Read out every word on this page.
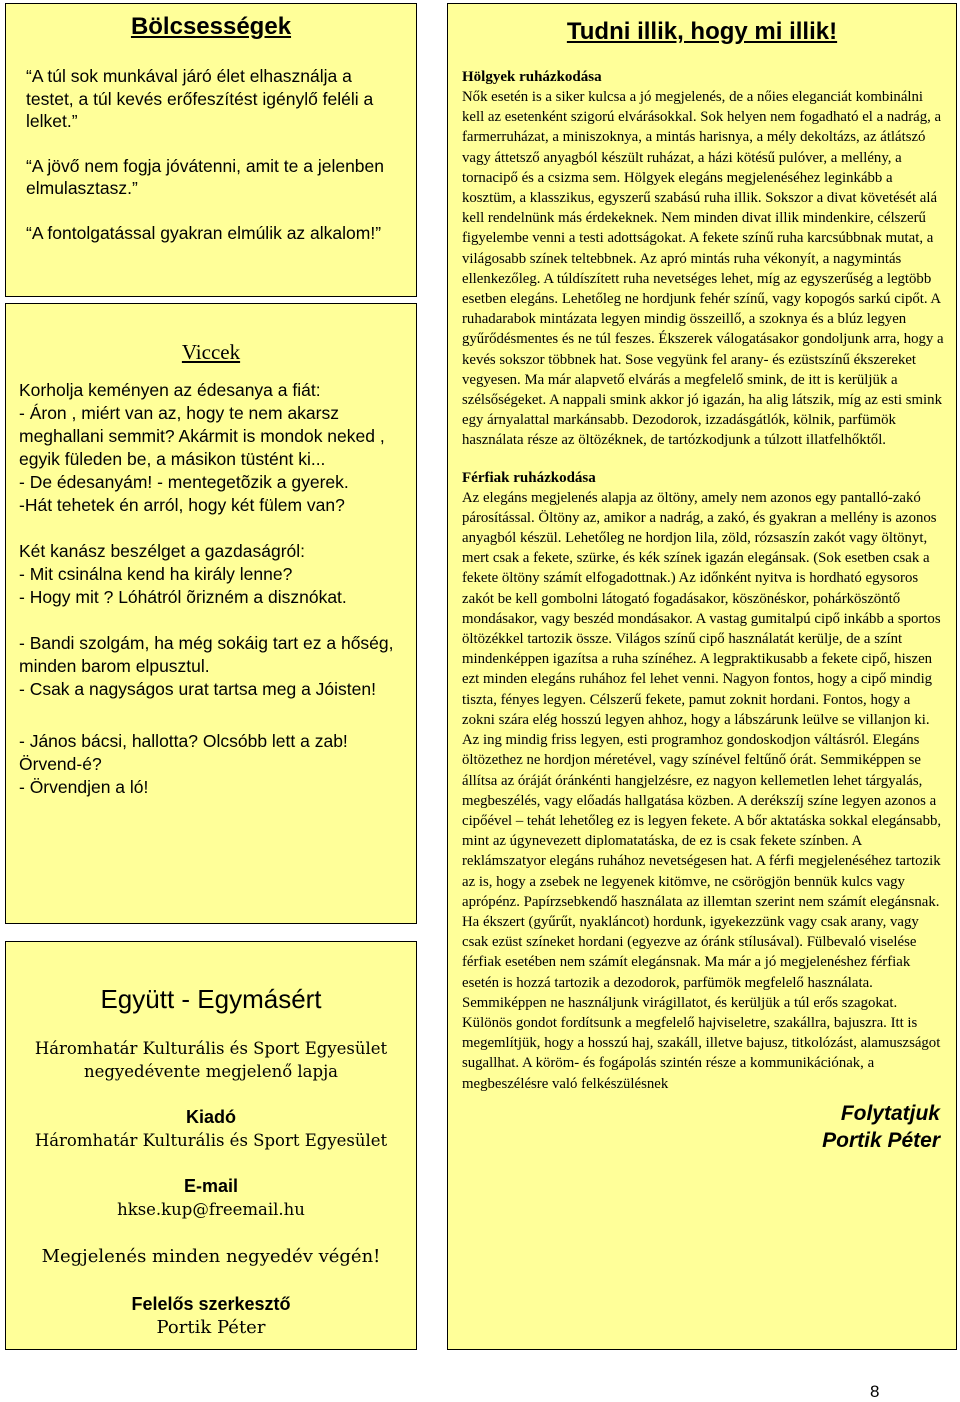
Bölcsességek

“A túl sok munkával járó élet elhasználja a testet, a túl kevés erőfeszítést igénylő feléli a lelket.”

“A jövő nem fogja jóvátenni, amit te a jelenben elmulasztasz.”

“A fontolgatással gyakran elmúlik az alkalom!”

Viccek

Korholja keményen az édesanya a fiát:
- Áron , miért van az, hogy te nem akarsz meghallani semmit? Akármit is mondok neked , egyik füleden be, a másikon tüstént ki...
- De édesanyám! - mentegetõzik a gyerek.
-Hát tehetek én arról, hogy két fülem van?

Két kanász beszélget a gazdaságról:
- Mit csinálna kend ha király lenne?
- Hogy mit ? Lóhátról õrizném a disznókat.

- Bandi szolgám, ha még sokáig tart ez a hőség, minden barom elpusztul.
- Csak a nagyságos urat tartsa meg a Jóisten!

- János bácsi, hallotta? Olcsóbb lett a zab!
Örvend-é?
- Örvendjen a ló!

Együtt - Egymásért

Háromhatár Kulturális és Sport Egyesület

negyedévente megjelenő lapja

Kiadó

Háromhatár Kulturális és Sport Egyesület

E-mail

hkse.kup@freemail.hu

Megjelenés minden negyedév végén!

Felelős szerkesztő

Portik Péter

Tudni illik, hogy mi illik!

Hölgyek ruházkodása

Nők esetén is a siker kulcsa a jó megjelenés, de a nőies eleganciát kombinálni kell az esetenként szigorú elvárásokkal. Sok helyen nem fogadható el a nadrág, a farmerruházat, a miniszoknya, a mintás harisnya, a mély dekoltázs, az átlátszó vagy áttetsző anyagból készült ruházat, a házi kötésű pulóver, a mellény, a tornacipő és a csizma sem. Hölgyek elegáns megjelenéséhez leginkább a kosztüm, a klasszikus, egyszerű szabású ruha illik. Sokszor a divat követését alá kell rendelnünk más érdekeknek. Nem minden divat illik mindenkire, célszerű figyelembe venni a testi adottságokat. A fekete színű ruha karcsúbbnak mutat, a világosabb színek teltebbnek. Az apró mintás ruha vékonyít, a nagymintás ellenkezőleg. A túldíszített ruha nevetséges lehet, míg az egyszerűség a legtöbb esetben elegáns. Lehetőleg ne hordjunk fehér színű, vagy kopogós sarkú cipőt. A ruhadarabok mintázata legyen mindig összeillő, a szoknya és a blúz legyen gyűrődésmentes és ne túl feszes. Ékszerek válogatásakor gondoljunk arra, hogy a kevés sokszor többnek hat. Sose vegyünk fel arany- és ezüstszínű ékszereket vegyesen. Ma már alapvető elvárás a megfelelő smink, de itt is kerüljük a szélsőségeket. A nappali smink akkor jó igazán, ha alig látszik, míg az esti smink egy árnyalattal markánsabb. Dezodorok, izzadásgátlók, kölnik, parfümök használata része az öltözéknek, de tartózkodjunk a túlzott illatfelhőktől.

Férfiak ruházkodása

Az elegáns megjelenés alapja az öltöny, amely nem azonos egy pantalló-zakó párosítással. Öltöny az, amikor a nadrág, a zakó, és gyakran a mellény is azonos anyagból készül. Lehetőleg ne hordjon lila, zöld, rózsaszín zakót vagy öltönyt, mert csak a fekete, szürke, és kék színek igazán elegánsak. (Sok esetben csak a fekete öltöny számít elfogadottnak.) Az időnként nyitva is hordható egysoros zakót be kell gombolni látogató fogadásakor, köszönéskor, pohárköszöntő mondásakor, vagy beszéd mondásakor. A vastag gumitalpú cipő inkább a sportos öltözékkel tartozik össze. Világos színű cipő használatát kerülje, de a színt mindenképpen igazítsa a ruha színéhez. A legpraktikusabb a fekete cipő, hiszen ezt minden elegáns ruhához fel lehet venni. Nagyon fontos, hogy a cipő mindig tiszta, fényes legyen. Célszerű fekete, pamut zoknit hordani. Fontos, hogy a zokni szára elég hosszú legyen ahhoz, hogy a lábszárunk leülve se villanjon ki. Az ing mindig friss legyen, esti programhoz gondoskodjon váltásról. Elegáns öltözethez ne hordjon méretével, vagy színével feltűnő órát. Semmiképpen se állítsa az óráját óránkénti hangjelzésre, ez nagyon kellemetlen lehet tárgyalás, megbeszélés, vagy előadás hallgatása közben. A derékszíj színe legyen azonos a cipőével – tehát lehetőleg ez is legyen fekete. A bőr aktatáska sokkal elegánsabb, mint az úgynevezett diplomatatáska, de ez is csak fekete színben. A reklámszatyor elegáns ruhához nevetségesen hat. A férfi megjelenéséhez tartozik az is, hogy a zsebek ne legyenek kitömve, ne csörögjön bennük kulcs vagy aprópénz. Papírzsebkendő használata az illemtan szerint nem számít elegánsnak. Ha ékszert (gyűrűt, nyakláncot) hordunk, igyekezzünk vagy csak arany, vagy csak ezüst színeket hordani (egyezve az óránk stílusával). Fülbevaló viselése férfiak esetében nem számít elegánsnak. Ma már a jó megjelenéshez férfiak esetén is hozzá tartozik a dezodorok, parfümök megfelelő használata. Semmiképpen ne használjunk virágillatot, és kerüljük a túl erős szagokat. Különös gondot fordítsunk a megfelelő hajviseletre, szakállra, bajuszra. Itt is megemlítjük, hogy a hosszú haj, szakáll, illetve bajusz, titkolózást, alamuszságot sugallhat. A köröm- és fogápolás szintén része a kommunikációnak, a megbeszélésre való felkészülésnek

Folytatjuk

Portik Péter

8
